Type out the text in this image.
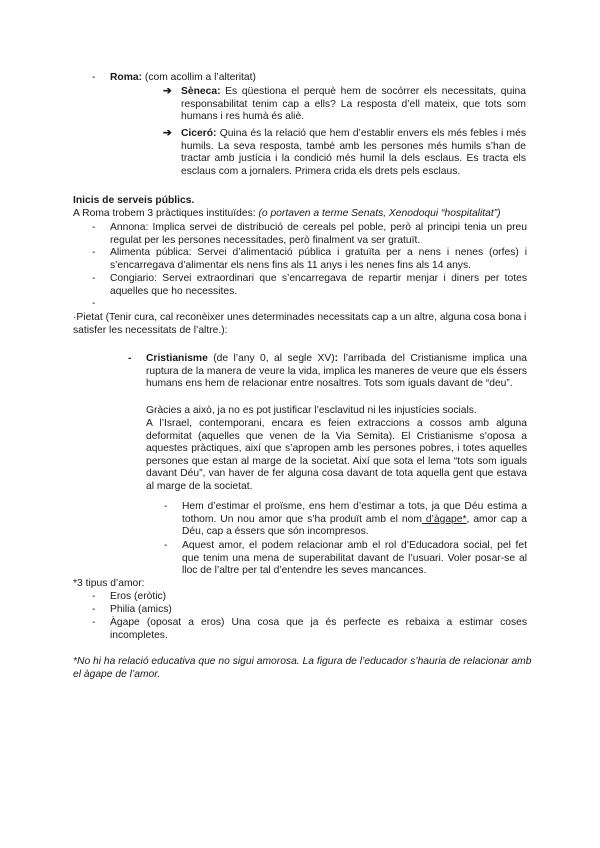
- Roma: (com acollim a l’alteritat)
➔ Sèneca: Es qüestiona el perquè hem de socórrer els necessitats, quina responsabilitat tenim cap a ells? La resposta d’ell mateix, que tots som humans i res humà és aliè.
➔ Ciceró: Quina és la relació que hem d’establir envers els més febles i més humils. La seva resposta, també amb les persones més humils s’han de tractar amb justícia i la condició més humil la dels esclaus. Es tracta els esclaus com a jornalers. Primera crida els drets pels esclaus.
Inicis de serveis públics.
A Roma trobem 3 pràctiques instituïdes: (o portaven a terme Senats, Xenodoqui “hospitalitat”)
- Annona: Implica servei de distribució de cereals pel poble, però al principi tenia un preu regulat per les persones necessitades, però finalment va ser gratuït.
- Alimenta pública: Servei d’alimentació pública i gratuïta per a nens i nenes (orfes) i s’encarregava d’alimentar els nens fins als 11 anys i les nenes fins als 14 anys.
- Congiario: Servei extraordinari que s’encarregava de repartir menjar i diners per totes aquelles que ho necessites.
-
·Pietat (Tenir cura, cal reconèixer unes determinades necessitats cap a un altre, alguna cosa bona i satisfer les necessitats de l’altre.):
- Cristianisme (de l’any 0, al segle XV): l’arribada del Cristianisme implica una ruptura de la manera de veure la vida, implica les maneres de veure que els éssers humans ens hem de relacionar entre nosaltres. Tots som iguals davant de “deu”.
Gràcies a això, ja no es pot justificar l’esclavitud ni les injustícies socials.
A l’Israel, contemporani, encara es feien extraccions a cossos amb alguna deformitat (aquelles que venen de la Via Semita). El Cristianisme s’oposa a aquestes pràctiques, així que s’apropen amb les persones pobres, i totes aquelles persones que estan al marge de la societat. Així que sota el lema “tots som iguals davant Déu”, van haver de fer alguna cosa davant de tota aquella gent que estava al marge de la societat.
- Hem d’estimar el proïsme, ens hem d’estimar a tots, ja que Déu estima a tothom. Un nou amor que s’ha produït amb el nom d’àgape*, amor cap a Déu, cap a éssers que són incompresos.
- Aquest amor, el podem relacionar amb el rol d’Educadora social, pel fet que tenim una mena de superabilitat davant de l’usuari. Voler posar-se al lloc de l’altre per tal d’entendre les seves mancances.
*3 tipus d’amor:
- Eros (eròtic)
- Philia (amics)
- Àgape (oposat a eros) Una cosa que ja és perfecte es rebaixa a estimar coses incompletes.
*No hi ha relació educativa que no sigui amorosa. La figura de l’educador s’hauria de relacionar amb el àgape de l’amor.
